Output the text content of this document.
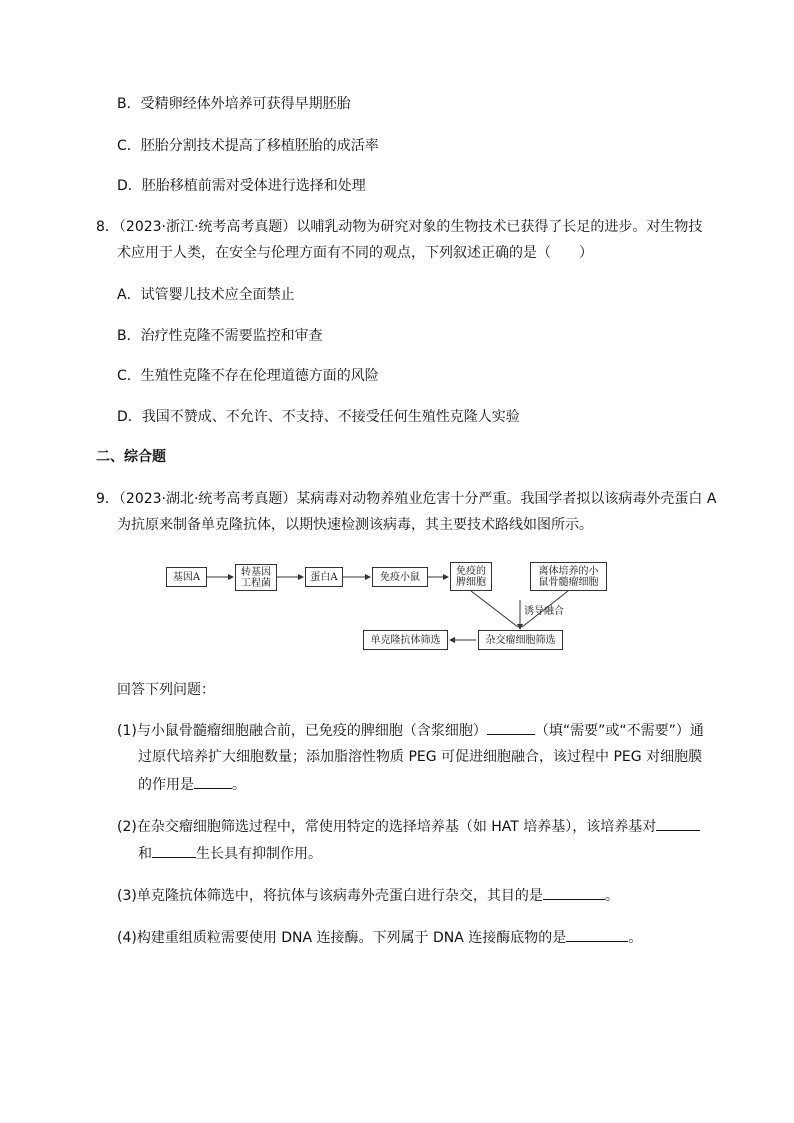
B．受精卵经体外培养可获得早期胚胎
C．胚胎分割技术提高了移植胚胎的成活率
D．胚胎移植前需对受体进行选择和处理
8．（2023·浙江·统考高考真题）以哺乳动物为研究对象的生物技术已获得了长足的进步。对生物技
术应用于人类，在安全与伦理方面有不同的观点，下列叙述正确的是（　　）
A．试管婴儿技术应全面禁止
B．治疗性克隆不需要监控和审查
C．生殖性克隆不存在伦理道德方面的风险
D．我国不赞成、不允许、不支持、不接受任何生殖性克隆人实验
二、综合题
9．（2023·湖北·统考高考真题）某病毒对动物养殖业危害十分严重。我国学者拟以该病毒外壳蛋白 A
为抗原来制备单克隆抗体，以期快速检测该病毒，其主要技术路线如图所示。
基因A	转基因
工程菌
蛋白A	免疫小鼠
免疫的
脾细胞
离体培养的小
鼠骨髓瘤细胞
诱导融合
杂交瘤细胞筛选
单克隆抗体筛选
回答下列问题：
(1)与小鼠骨髓瘤细胞融合前，已免疫的脾细胞（含浆细胞）	（填“需要”或“不需要”）通
过原代培养扩大细胞数量；添加脂溶性物质 PEG 可促进细胞融合，该过程中 PEG 对细胞膜
的作用是	。
(2)在杂交瘤细胞筛选过程中，常使用特定的选择培养基（如 HAT 培养基），该培养基对
和	生长具有抑制作用。
(3)单克隆抗体筛选中，将抗体与该病毒外壳蛋白进行杂交，其目的是	。
(4)构建重组质粒需要使用 DNA 连接酶。下列属于 DNA 连接酶底物的是	。
